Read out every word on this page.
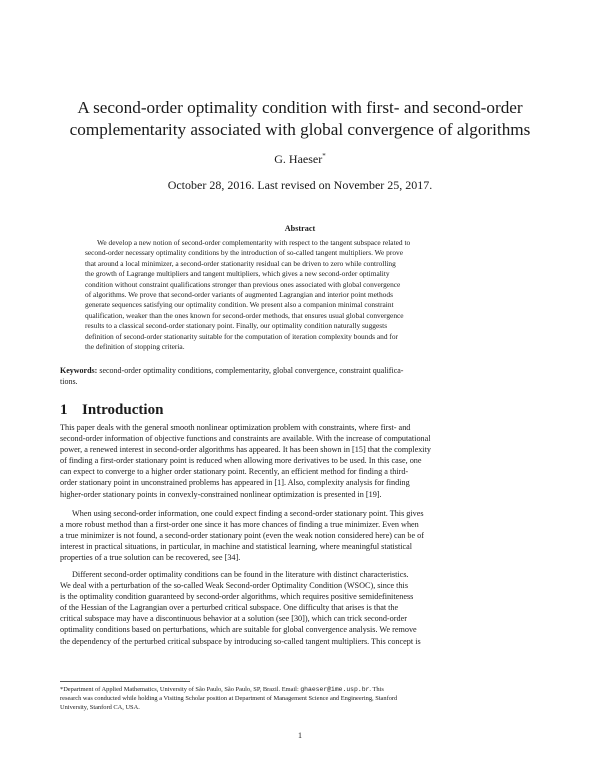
A second-order optimality condition with first- and second-order
complementarity associated with global convergence of algorithms
G. Haeser*
October 28, 2016. Last revised on November 25, 2017.
Abstract
We develop a new notion of second-order complementarity with respect to the tangent subspace related to
second-order necessary optimality conditions by the introduction of so-called tangent multipliers. We prove
that around a local minimizer, a second-order stationarity residual can be driven to zero while controlling
the growth of Lagrange multipliers and tangent multipliers, which gives a new second-order optimality
condition without constraint qualifications stronger than previous ones associated with global convergence
of algorithms. We prove that second-order variants of augmented Lagrangian and interior point methods
generate sequences satisfying our optimality condition. We present also a companion minimal constraint
qualification, weaker than the ones known for second-order methods, that ensures usual global convergence
results to a classical second-order stationary point. Finally, our optimality condition naturally suggests
definition of second-order stationarity suitable for the computation of iteration complexity bounds and for
the definition of stopping criteria.
Keywords: second-order optimality conditions, complementarity, global convergence, constraint qualifica-
tions.
1 Introduction
This paper deals with the general smooth nonlinear optimization problem with constraints, where first- and
second-order information of objective functions and constraints are available. With the increase of computational
power, a renewed interest in second-order algorithms has appeared. It has been shown in [15] that the complexity
of finding a first-order stationary point is reduced when allowing more derivatives to be used. In this case, one
can expect to converge to a higher order stationary point. Recently, an efficient method for finding a third-
order stationary point in unconstrained problems has appeared in [1]. Also, complexity analysis for finding
higher-order stationary points in convexly-constrained nonlinear optimization is presented in [19].
When using second-order information, one could expect finding a second-order stationary point. This gives
a more robust method than a first-order one since it has more chances of finding a true minimizer. Even when
a true minimizer is not found, a second-order stationary point (even the weak notion considered here) can be of
interest in practical situations, in particular, in machine and statistical learning, where meaningful statistical
properties of a true solution can be recovered, see [34].
Different second-order optimality conditions can be found in the literature with distinct characteristics.
We deal with a perturbation of the so-called Weak Second-order Optimality Condition (WSOC), since this
is the optimality condition guaranteed by second-order algorithms, which requires positive semidefiniteness
of the Hessian of the Lagrangian over a perturbed critical subspace. One difficulty that arises is that the
critical subspace may have a discontinuous behavior at a solution (see [30]), which can trick second-order
optimality conditions based on perturbations, which are suitable for global convergence analysis. We remove
the dependency of the perturbed critical subspace by introducing so-called tangent multipliers. This concept is
*Department of Applied Mathematics, University of São Paulo, São Paulo, SP, Brazil. Email: ghaeser@ime.usp.br. This
research was conducted while holding a Visiting Scholar position at Department of Management Science and Engineering, Stanford
University, Stanford CA, USA.
1
